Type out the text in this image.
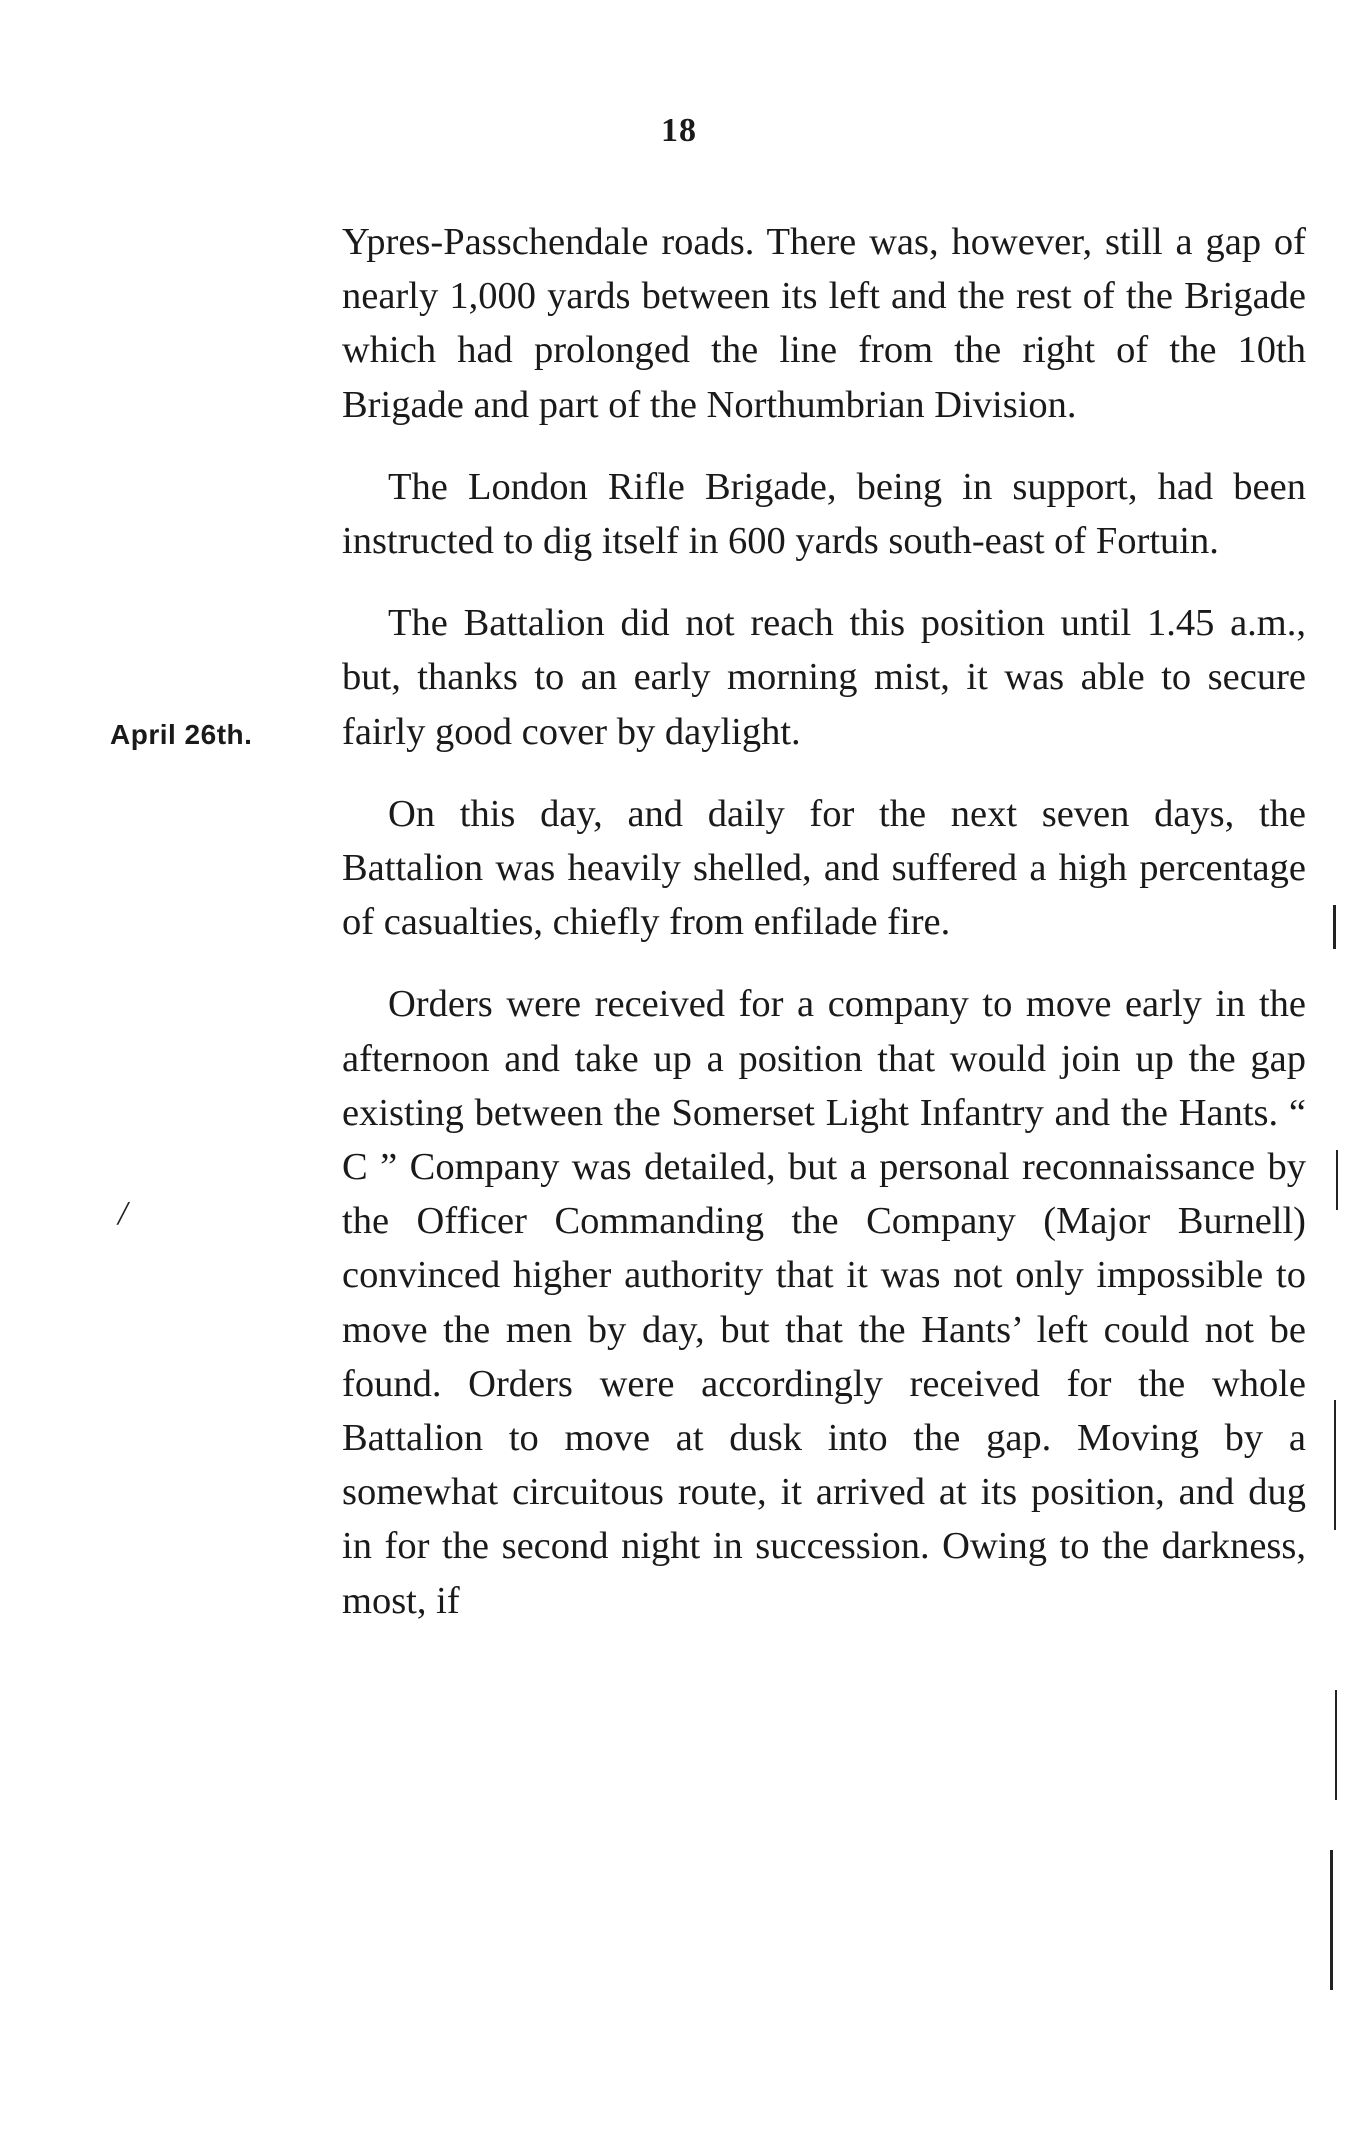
18
April 26th.

Ypres-Passchendale roads. There was, however, still a gap of nearly 1,000 yards between its left and the rest of the Brigade which had prolonged the line from the right of the 10th Brigade and part of the Northumbrian Division.

The London Rifle Brigade, being in support, had been instructed to dig itself in 600 yards south-east of Fortuin.

The Battalion did not reach this position until 1.45 a.m., but, thanks to an early morning mist, it was able to secure fairly good cover by daylight.

On this day, and daily for the next seven days, the Battalion was heavily shelled, and suffered a high percentage of casualties, chiefly from enfilade fire.

Orders were received for a company to move early in the afternoon and take up a position that would join up the gap existing between the Somerset Light Infantry and the Hants. “ C ” Company was detailed, but a personal reconnaissance by the Officer Commanding the Company (Major Burnell) convinced higher authority that it was not only impossible to move the men by day, but that the Hants’ left could not be found. Orders were accordingly received for the whole Battalion to move at dusk into the gap. Moving by a somewhat circuitous route, it arrived at its position, and dug in for the second night in succession. Owing to the darkness, most, if

/
